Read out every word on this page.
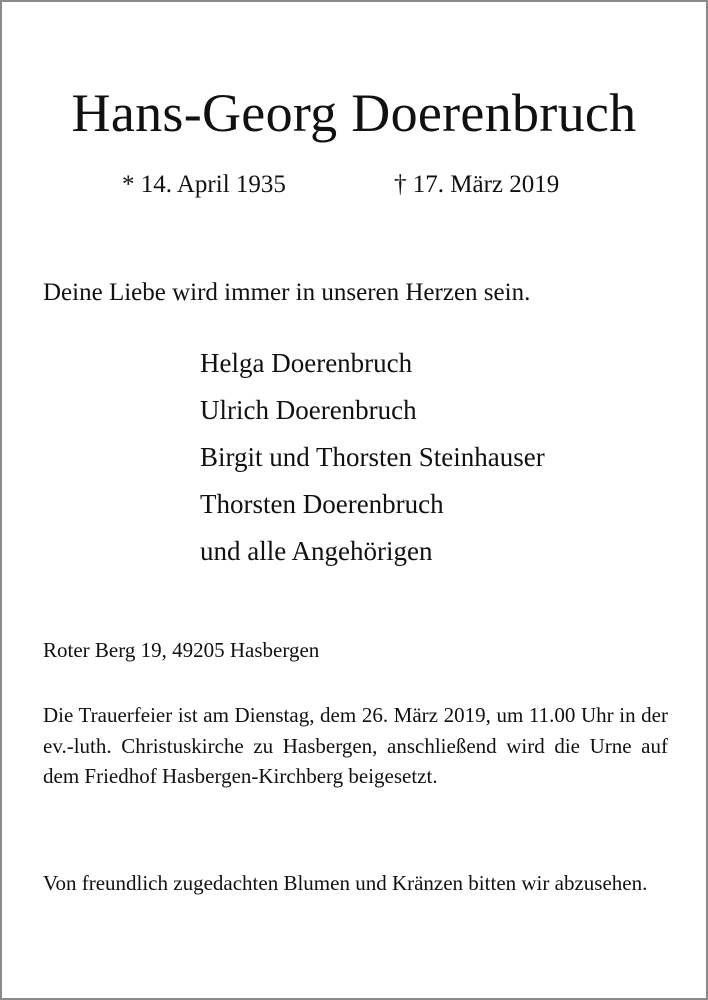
Hans-Georg Doerenbruch
* 14. April 1935	† 17. März 2019
Deine Liebe wird immer in unseren Herzen sein.
Helga Doerenbruch
Ulrich Doerenbruch
Birgit und Thorsten Steinhauser
Thorsten Doerenbruch
und alle Angehörigen
Roter Berg 19, 49205 Hasbergen
Die Trauerfeier ist am Dienstag, dem 26. März 2019, um 11.00 Uhr in der ev.-luth. Christuskirche zu Hasbergen, anschließend wird die Urne auf dem Friedhof Hasbergen-Kirchberg beigesetzt.
Von freundlich zugedachten Blumen und Kränzen bitten wir abzusehen.
